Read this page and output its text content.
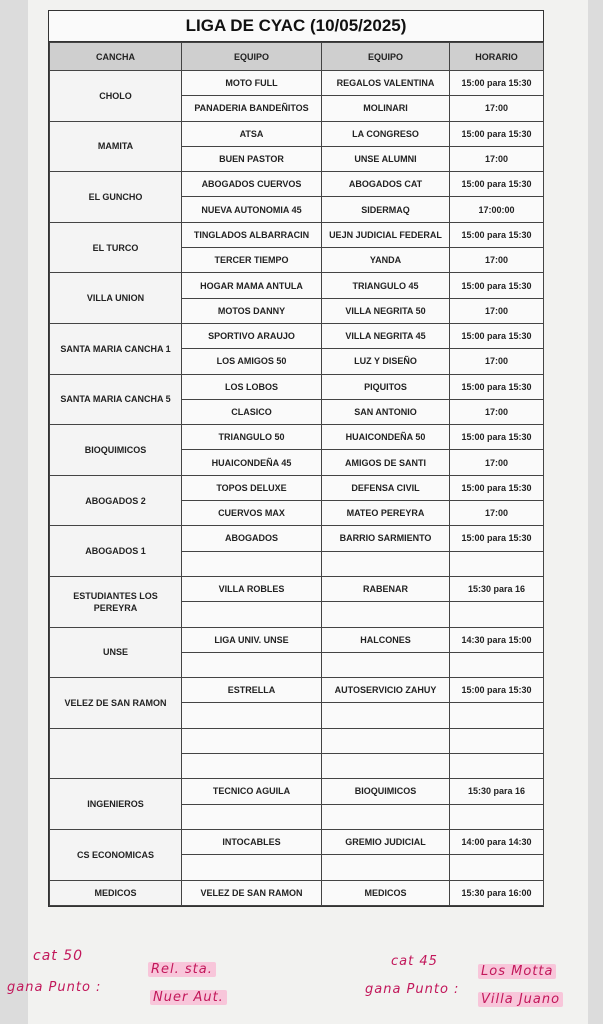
LIGA DE CYAC (10/05/2025)
CANCHA	EQUIPO	EQUIPO	HORARIO
CHOLO	MOTO FULL	REGALOS VALENTINA	15:00 para 15:30
	PANADERIA BANDEÑITOS	MOLINARI	17:00
MAMITA	ATSA	LA CONGRESO	15:00 para 15:30
	BUEN PASTOR	UNSE ALUMNI	17:00
EL GUNCHO	ABOGADOS CUERVOS	ABOGADOS CAT	15:00 para 15:30
	NUEVA AUTONOMIA 45	SIDERMAQ	17:00:00
EL TURCO	TINGLADOS ALBARRACIN	UEJN JUDICIAL FEDERAL	15:00 para 15:30
	TERCER TIEMPO	YANDA	17:00
VILLA UNION	HOGAR MAMA ANTULA	TRIANGULO 45	15:00 para 15:30
	MOTOS DANNY	VILLA NEGRITA 50	17:00
SANTA MARIA CANCHA 1	SPORTIVO ARAUJO	VILLA NEGRITA 45	15:00 para 15:30
	LOS AMIGOS 50	LUZ Y DISEÑO	17:00
SANTA MARIA CANCHA 5	LOS LOBOS	PIQUITOS	15:00 para 15:30
	CLASICO	SAN ANTONIO	17:00
BIOQUIMICOS	TRIANGULO 50	HUAICONDEÑA 50	15:00 para 15:30
	HUAICONDEÑA 45	AMIGOS DE SANTI	17:00
ABOGADOS 2	TOPOS DELUXE	DEFENSA CIVIL	15:00 para 15:30
	CUERVOS MAX	MATEO PEREYRA	17:00
ABOGADOS 1	ABOGADOS	BARRIO SARMIENTO	15:00 para 15:30

ESTUDIANTES LOS PEREYRA	VILLA ROBLES	RABENAR	15:30 para 16

UNSE	LIGA UNIV. UNSE	HALCONES	14:30 para 15:00

VELEZ DE SAN RAMON	ESTRELLA	AUTOSERVICIO ZAHUY	15:00 para 15:30

INGENIEROS	TECNICO AGUILA	BIOQUIMICOS	15:30 para 16

CS ECONOMICAS	INTOCABLES	GREMIO JUDICIAL	14:00 para 14:30

MEDICOS	VELEZ DE SAN RAMON	MEDICOS	15:30 para 16:00
cat 50
gana Punto :
Rel. sta.
Nuer Aut.
cat 45
gana Punto :
Los Motta
Villa Juano
